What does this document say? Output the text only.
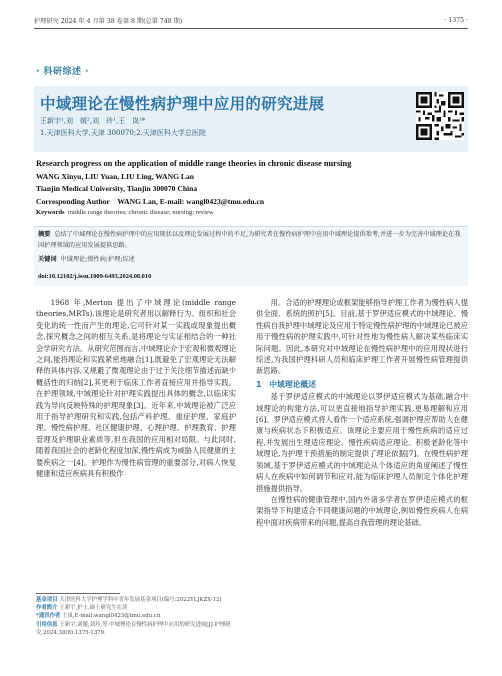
护理研究 2024 年 4 月第 38 卷第 8 期(总第 748 期)	· 1375 ·
· 科研综述 ·
中域理论在慢性病护理中应用的研究进展
王新宇¹,刘　媛²,刘　玲¹,王　岚²*
1.天津医科大学,天津 300070;2.天津医科大学总医院
Research progress on the application of middle range theories in chronic disease nursing
WANG Xinyu, LIU Yuan, LIU Ling, WANG Lan
Tianjin Medical University, Tianjin 300070 China
Corresponding Author　WANG Lan, E-mail: wangl0423@tmu.edu.cn
Keywords middle range theories; chronic disease; nursing; review
摘要 总结了中域理论在慢性病护理中的应用现状以及理论发展过程中的不足,为研究者在慢性病护理中应用中域理论提供参考,并进一步为完善中域理论在我国护理领域的应用发展提供思路。
关键词 中域理论;慢性病;护理;综述
doi:10.12102/j.issn.1009-6493.2024.08.010

1968 年,Merton 提出了中域理论(middle range theories,MRTs),该理论是研究者用以解释行为、组织和社会变化的统一性而产生的理论,它可针对某一实践或现象提出概念,探究概念之间的相互关系,是将理论与实证相结合的一种社会学研究方法。从研究范围而言,中域理论介于宏观和微观理论之间,能将理论和实践紧密地融合[1],既避免了宏观理论无法解释的具体内容,又规避了微观理论由于过于关注细节描述而缺少概括性的归纳[2],其更利于临床工作者直接应用并指导实践。在护理领域,中域理论针对护理实践提出具体的概念,以临床实践为导向反映特殊的护理现象[3]。近年来,中域理论被广泛应用于指导护理研究和实践,包括产科护理、重症护理、家庭护理、慢性病护理、社区健康护理、心理护理、护理教育、护理管理及护理职业素质等,但在我国的应用相对局限。与此同时,随着我国社会的老龄化程度加深,慢性病成为威胁人民健康的主要疾病之一[4]。护理作为慢性病管理的重要部分,对病人恢复健康和适应疾病具有积极作

用。合适的护理理论或框架能够指导护理工作者为慢性病人提供全面、系统的照护[5]。目前,基于罗伊适应模式的中域理论、慢性病自我护理中域理论及应用于特定慢性病护理的中域理论已被应用于慢性病的护理实践中,可针对性地为慢性病人解决某些临床实际问题。因此,本研究对中域理论在慢性病护理中的应用现状进行综述,为我国护理科研人员和临床护理工作者开展慢性病管理提供新思路。

1　中域理论概述

基于罗伊适应模式的中域理论以罗伊适应模式为基础,融合中域理论的构建方法,可以更直接地指导护理实践,更易理解和应用[6]。罗伊适应模式将人看作一个适应系统,强调护理应帮助人在健康与疾病状态下积极适应。该理论主要应用于慢性疾病的适应过程,并发展出生理适应理论、慢性疾病适应理论、积极老龄化等中域理论,为护理干预措施的制定提供了理论依据[7]。在慢性病护理领域,基于罗伊适应模式的中域理论从个体适应的角度阐述了慢性病人在疾病中如何调节和应对,能为临床护理人员制定个体化护理措施提供指导。

在慢性病的健康管理中,国内外诸多学者在罗伊适应模式的框架指导下构建适合不同健康问题的中域理论,例如慢性疾病人在病程中面对疾病带来的问题,提高自我管理的理论基础。

基金项目 天津医科大学护理学科中青年发展基金项目(编号:2022YLJKZX-12)
作者简介 王新宇,护士,硕士研究生在读
*通讯作者 王岚,E-mail:wangl0423@tmu.edu.cn
引用信息 王新宇,刘媛,刘玲,等.中域理论在慢性病护理中应用的研究进展[J].护理研究,2024,38(8):1375-1379.
